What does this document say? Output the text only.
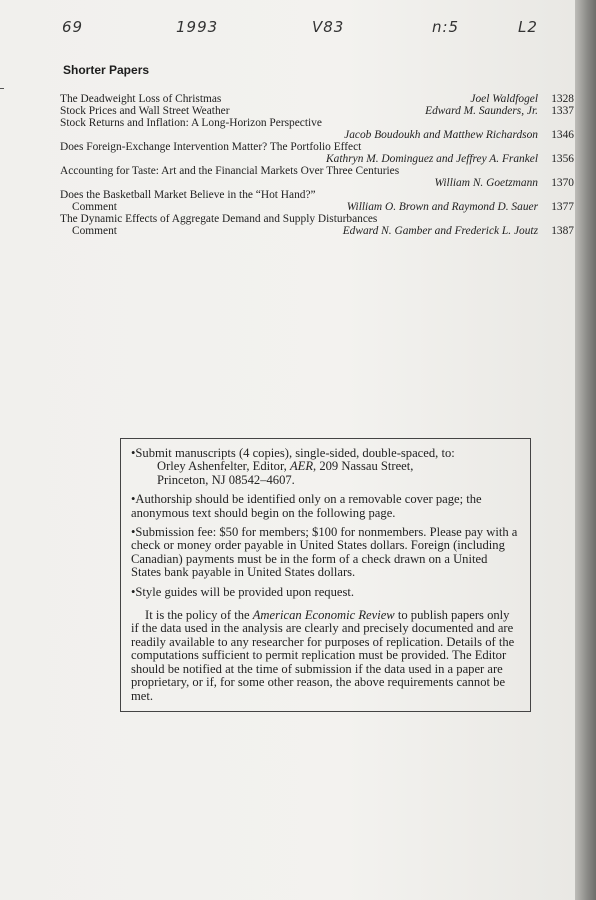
69	1993	V83	n:5	L2
Shorter Papers
The Deadweight Loss of Christmas	Joel Waldfogel 1328
Stock Prices and Wall Street Weather	Edward M. Saunders, Jr. 1337
Stock Returns and Inflation: A Long-Horizon Perspective
Jacob Boudoukh and Matthew Richardson 1346
Does Foreign-Exchange Intervention Matter? The Portfolio Effect
Kathryn M. Dominguez and Jeffrey A. Frankel 1356
Accounting for Taste: Art and the Financial Markets Over Three Centuries
William N. Goetzmann 1370
Does the Basketball Market Believe in the “Hot Hand?”
Comment	William O. Brown and Raymond D. Sauer 1377
The Dynamic Effects of Aggregate Demand and Supply Disturbances
Comment	Edward N. Gamber and Frederick L. Joutz 1387

•Submit manuscripts (4 copies), single-sided, double-spaced, to:
Orley Ashenfelter, Editor, AER, 209 Nassau Street,
Princeton, NJ 08542–4607.

•Authorship should be identified only on a removable cover page; the anonymous text should begin on the following page.

•Submission fee: $50 for members; $100 for nonmembers. Please pay with a check or money order payable in United States dollars. Foreign (including Canadian) payments must be in the form of a check drawn on a United States bank payable in United States dollars.

•Style guides will be provided upon request.

It is the policy of the American Economic Review to publish papers only if the data used in the analysis are clearly and precisely documented and are readily available to any researcher for purposes of replication. Details of the computations sufficient to permit replication must be provided. The Editor should be notified at the time of submission if the data used in a paper are proprietary, or if, for some other reason, the above requirements cannot be met.
